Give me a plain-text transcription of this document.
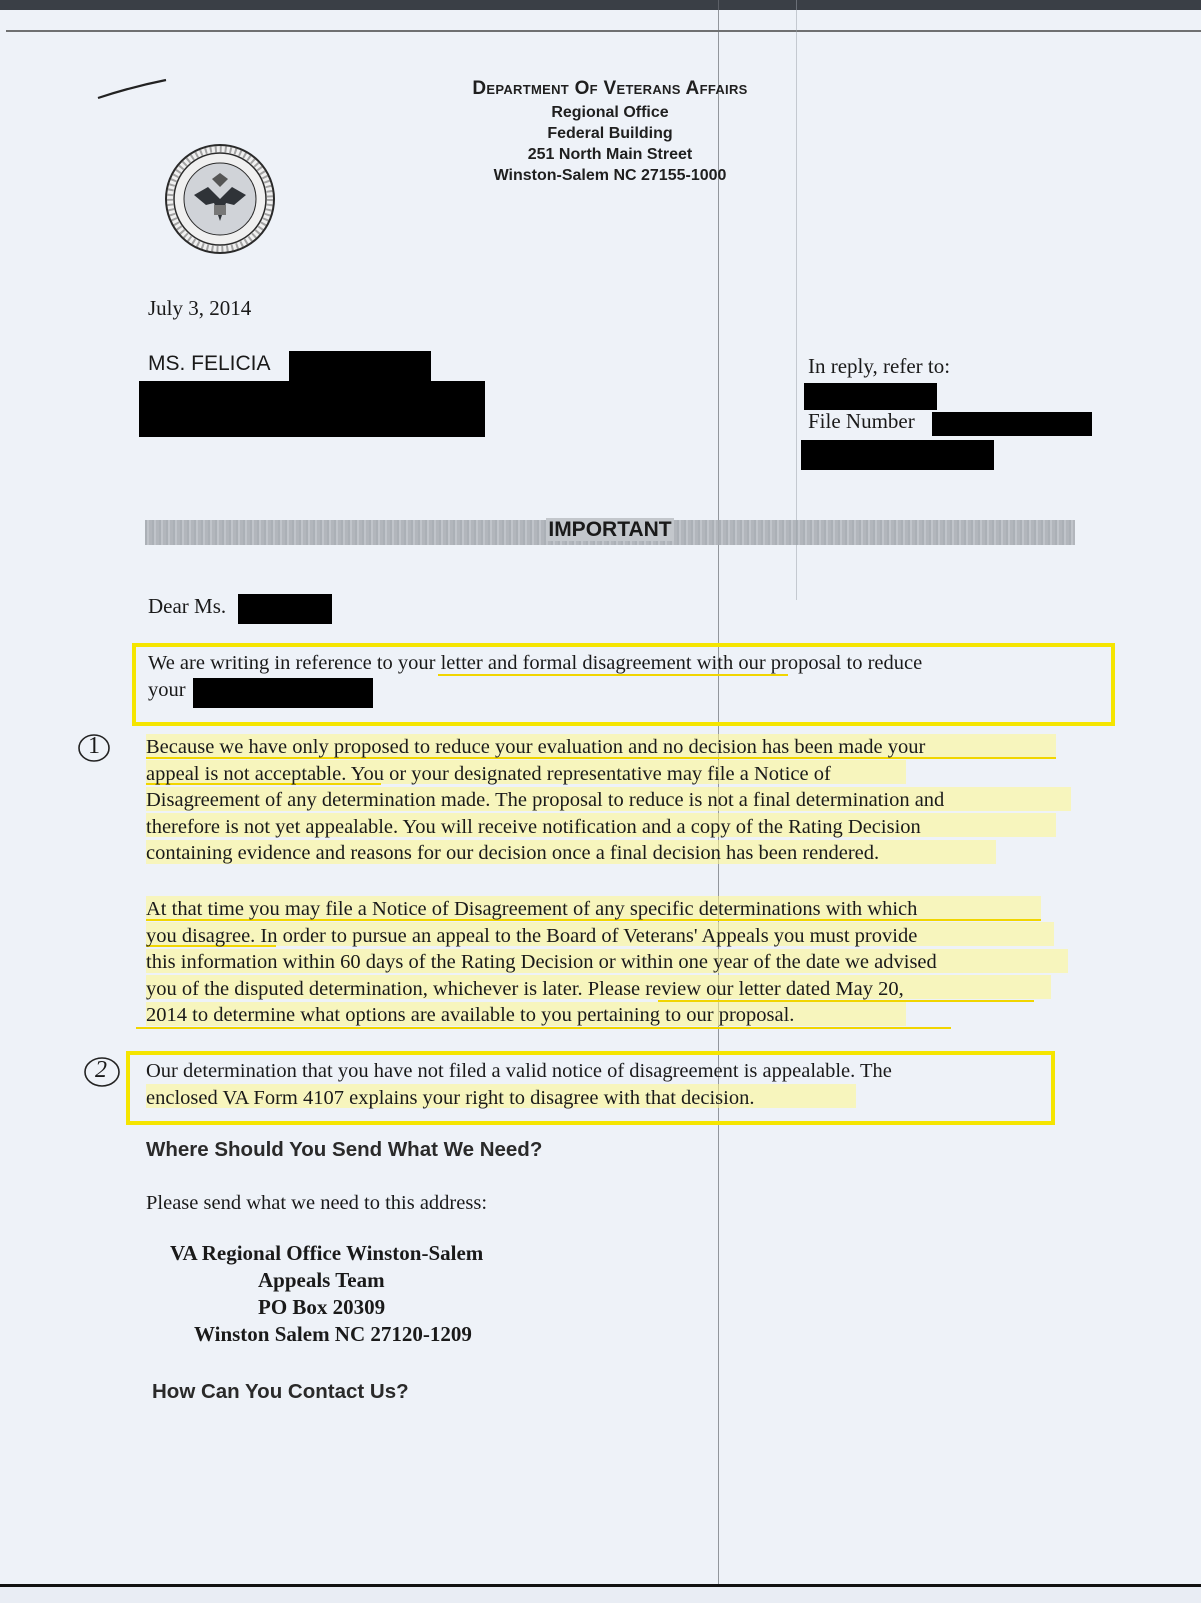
Department Of Veterans Affairs
Regional Office
Federal Building
251 North Main Street
Winston-Salem NC 27155-1000
July 3, 2014
MS. FELICIA	In reply, refer to:
File Number
IMPORTANT
Dear Ms.
We are writing in reference to your letter and formal disagreement with our proposal to reduce
your
1 Because we have only proposed to reduce your evaluation and no decision has been made your
appeal is not acceptable. You or your designated representative may file a Notice of
Disagreement of any determination made. The proposal to reduce is not a final determination and
therefore is not yet appealable. You will receive notification and a copy of the Rating Decision
containing evidence and reasons for our decision once a final decision has been rendered.
At that time you may file a Notice of Disagreement of any specific determinations with which
you disagree. In order to pursue an appeal to the Board of Veterans' Appeals you must provide
this information within 60 days of the Rating Decision or within one year of the date we advised
you of the disputed determination, whichever is later. Please review our letter dated May 20,
2014 to determine what options are available to you pertaining to our proposal.
2 Our determination that you have not filed a valid notice of disagreement is appealable. The
enclosed VA Form 4107 explains your right to disagree with that decision.
Where Should You Send What We Need?
Please send what we need to this address:
VA Regional Office Winston-Salem
Appeals Team
PO Box 20309
Winston Salem NC 27120-1209
How Can You Contact Us?
